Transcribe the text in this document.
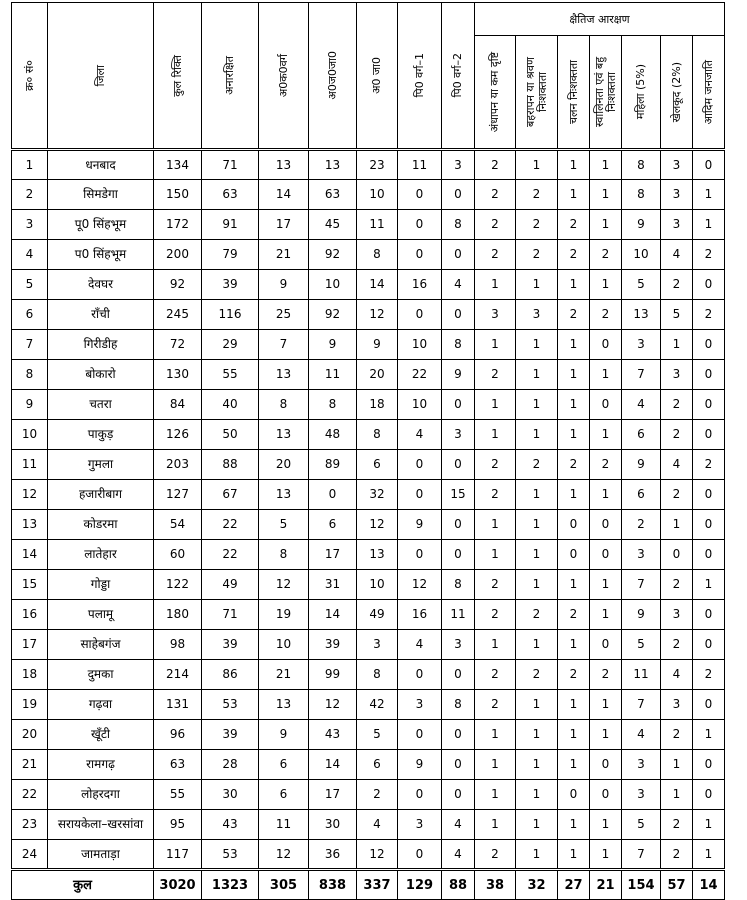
क्र० सं०	जिला	कुल रिक्ति	अनारक्षित	अ0क0वर्ग	अ0ज0जा0	अ0 जा0	पि0 वर्ग–1	पि0 वर्ग–2	क्षैतिज आरक्षण						

									अंधापन या कम दृष्टि	बहरापन या श्रवण निःशक्तता	चलन निःशक्तता	स्वालिनता एवं बहु निःशक्तता	महिला (5%)	खेलकूद (2%)	आदिम जनजाति

1	धनबाद	134	71	13	13	23	11	3	2	1	1	1	8	3	0
2	सिमडेगा	150	63	14	63	10	0	0	2	2	1	1	8	3	1
3	पू0 सिंहभूम	172	91	17	45	11	0	8	2	2	2	1	9	3	1
4	प0 सिंहभूम	200	79	21	92	8	0	0	2	2	2	2	10	4	2
5	देवघर	92	39	9	10	14	16	4	1	1	1	1	5	2	0
6	राँची	245	116	25	92	12	0	0	3	3	2	2	13	5	2
7	गिरीडीह	72	29	7	9	9	10	8	1	1	1	0	3	1	0
8	बोकारो	130	55	13	11	20	22	9	2	1	1	1	7	3	0
9	चतरा	84	40	8	8	18	10	0	1	1	1	0	4	2	0
10	पाकुड़	126	50	13	48	8	4	3	1	1	1	1	6	2	0
11	गुमला	203	88	20	89	6	0	0	2	2	2	2	9	4	2
12	हजारीबाग	127	67	13	0	32	0	15	2	1	1	1	6	2	0
13	कोडरमा	54	22	5	6	12	9	0	1	1	0	0	2	1	0
14	लातेहार	60	22	8	17	13	0	0	1	1	0	0	3	0	0
15	गोड्डा	122	49	12	31	10	12	8	2	1	1	1	7	2	1
16	पलामू	180	71	19	14	49	16	11	2	2	2	1	9	3	0
17	साहेबगंज	98	39	10	39	3	4	3	1	1	1	0	5	2	0
18	दुमका	214	86	21	99	8	0	0	2	2	2	2	11	4	2
19	गढ़वा	131	53	13	12	42	3	8	2	1	1	1	7	3	0
20	खूँटी	96	39	9	43	5	0	0	1	1	1	1	4	2	1
21	रामगढ़	63	28	6	14	6	9	0	1	1	1	0	3	1	0
22	लोहरदगा	55	30	6	17	2	0	0	1	1	0	0	3	1	0
23	सरायकेला–खरसांवा	95	43	11	30	4	3	4	1	1	1	1	5	2	1
24	जामताड़ा	117	53	12	36	12	0	4	2	1	1	1	7	2	1
कुल		3020	1323	305	838	337	129	88	38	32	27	21	154	57	14
